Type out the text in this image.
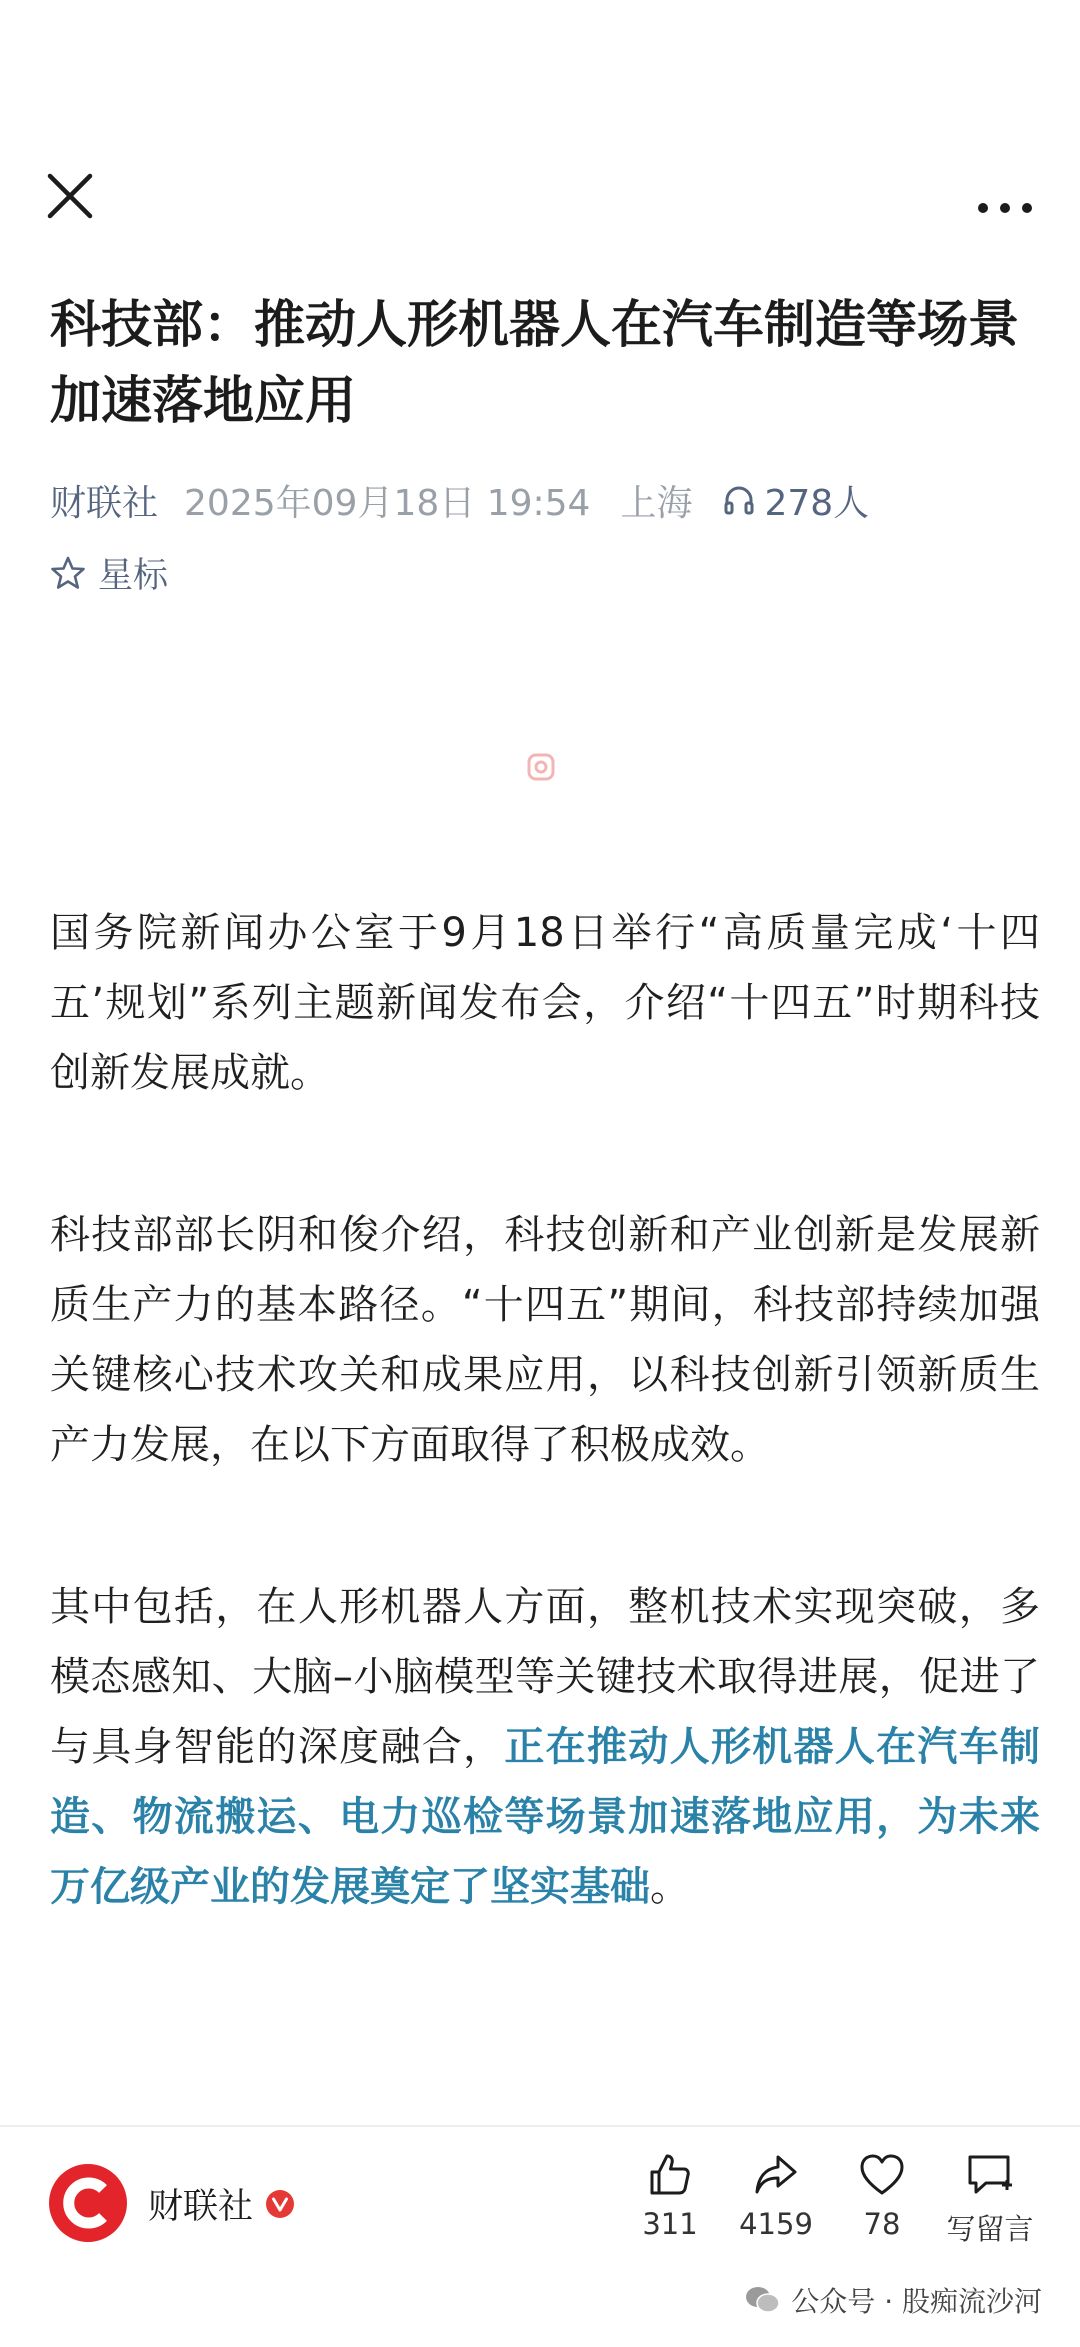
科技部：推动人形机器人在汽车制造等场景加速落地应用
财联社 2025年09月18日 19:54 上海 278人
星标

国务院新闻办公室于9月18日举行“高质量完成‘十四五’规划”系列主题新闻发布会，介绍“十四五”时期科技创新发展成就。

科技部部长阴和俊介绍，科技创新和产业创新是发展新质生产力的基本路径。“十四五”期间，科技部持续加强关键核心技术攻关和成果应用，以科技创新引领新质生产力发展，在以下方面取得了积极成效。

其中包括，在人形机器人方面，整机技术实现突破，多模态感知、大脑–小脑模型等关键技术取得进展，促进了与具身智能的深度融合，正在推动人形机器人在汽车制造、物流搬运、电力巡检等场景加速落地应用，为未来万亿级产业的发展奠定了坚实基础。

财联社	311	4159	78	写留言
公众号 · 股痴流沙河
